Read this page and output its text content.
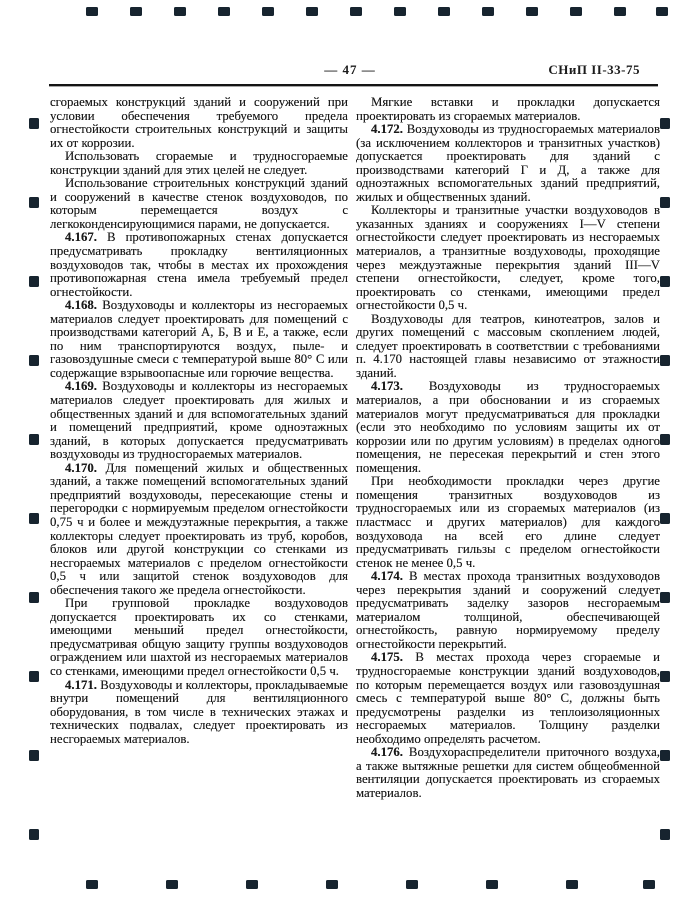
— 47 —	СНиП II-33-75

сгораемых конструкций зданий и сооружений при условии обеспечения требуемого предела огнестойкости строительных конструкций и защиты их от коррозии.

Использовать сгораемые и трудносгораемые конструкции зданий для этих целей не следует.

Использование строительных конструкций зданий и сооружений в качестве стенок воздуховодов, по которым перемещается воздух с легкоконденсирующимися парами, не допускается.

4.167. В противопожарных стенах допускается предусматривать прокладку вентиляционных воздуховодов так, чтобы в местах их прохождения противопожарная стена имела требуемый предел огнестойкости.

4.168. Воздуховоды и коллекторы из несгораемых материалов следует проектировать для помещений с производствами категорий А, Б, В и Е, а также, если по ним транспортируются воздух, пыле- и газовоздушные смеси с температурой выше 80° С или содержащие взрывоопасные или горючие вещества.

4.169. Воздуховоды и коллекторы из несгораемых материалов следует проектировать для жилых и общественных зданий и для вспомогательных зданий и помещений предприятий, кроме одноэтажных зданий, в которых допускается предусматривать воздуховоды из трудносгораемых материалов.

4.170. Для помещений жилых и общественных зданий, а также помещений вспомогательных зданий предприятий воздуховоды, пересекающие стены и перегородки с нормируемым пределом огнестойкости 0,75 ч и более и междуэтажные перекрытия, а также коллекторы следует проектировать из труб, коробов, блоков или другой конструкции со стенками из несгораемых материалов с пределом огнестойкости 0,5 ч или защитой стенок воздуховодов для обеспечения такого же предела огнестойкости.

При групповой прокладке воздуховодов допускается проектировать их со стенками, имеющими меньший предел огнестойкости, предусматривая общую защиту группы воздуховодов ограждением или шахтой из несгораемых материалов со стенками, имеющими предел огнестойкости 0,5 ч.

4.171. Воздуховоды и коллекторы, прокладываемые внутри помещений для вентиляционного оборудования, в том числе в технических этажах и технических подвалах, следует проектировать из несгораемых материалов.

Мягкие вставки и прокладки допускается проектировать из сгораемых материалов.

4.172. Воздуховоды из трудносгораемых материалов (за исключением коллекторов и транзитных участков) допускается проектировать для зданий с производствами категорий Г и Д, а также для одноэтажных вспомогательных зданий предприятий, жилых и общественных зданий.

Коллекторы и транзитные участки воздуховодов в указанных зданиях и сооружениях I—V степени огнестойкости следует проектировать из несгораемых материалов, а транзитные воздуховоды, проходящие через междуэтажные перекрытия зданий III—V степени огнестойкости, следует, кроме того, проектировать со стенками, имеющими предел огнестойкости 0,5 ч.

Воздуховоды для театров, кинотеатров, залов и других помещений с массовым скоплением людей, следует проектировать в соответствии с требованиями п. 4.170 настоящей главы независимо от этажности зданий.

4.173. Воздуховоды из трудносгораемых материалов, а при обосновании и из сгораемых материалов могут предусматриваться для прокладки (если это необходимо по условиям защиты их от коррозии или по другим условиям) в пределах одного помещения, не пересекая перекрытий и стен этого помещения.

При необходимости прокладки через другие помещения транзитных воздуховодов из трудносгораемых или из сгораемых материалов (из пластмасс и других материалов) для каждого воздуховода на всей его длине следует предусматривать гильзы с пределом огнестойкости стенок не менее 0,5 ч.

4.174. В местах прохода транзитных воздуховодов через перекрытия зданий и сооружений следует предусматривать заделку зазоров несгораемым материалом толщиной, обеспечивающей огнестойкость, равную нормируемому пределу огнестойкости перекрытий.

4.175. В местах прохода через сгораемые и трудносгораемые конструкции зданий воздуховодов, по которым перемещается воздух или газовоздушная смесь с температурой выше 80° С, должны быть предусмотрены разделки из теплоизоляционных несгораемых материалов. Толщину разделки необходимо определять расчетом.

4.176. Воздухораспределители приточного воздуха, а также вытяжные решетки для систем общеобменной вентиляции допускается проектировать из сгораемых материалов.
